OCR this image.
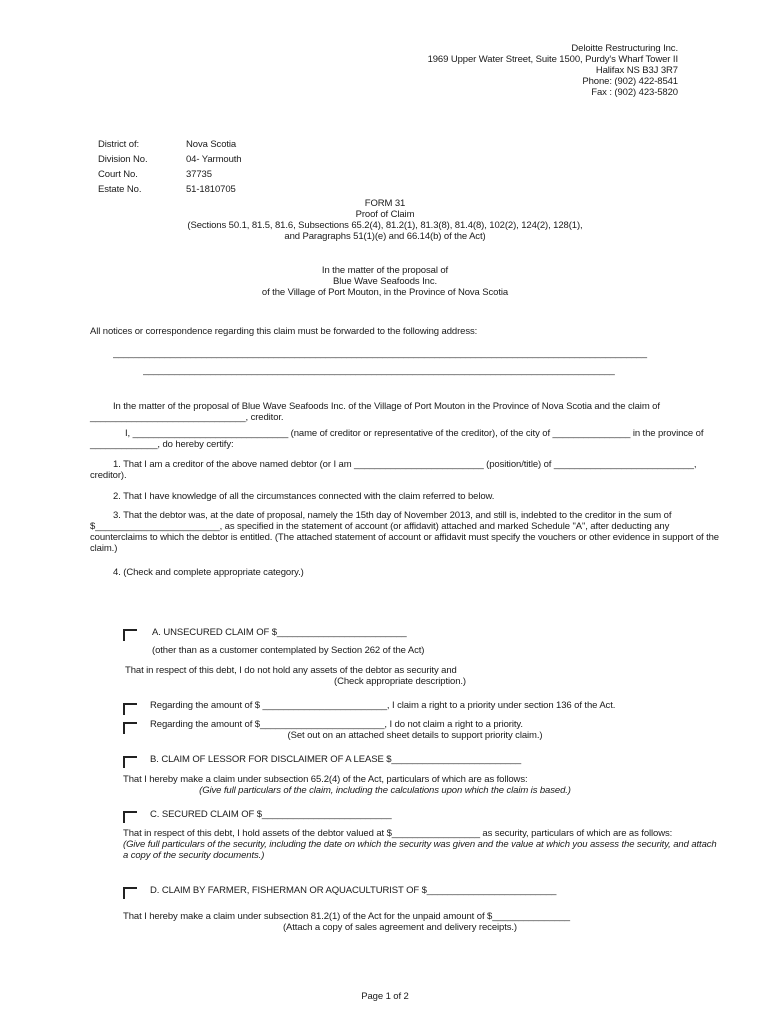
Deloitte Restructuring Inc.
1969 Upper Water Street, Suite 1500, Purdy's Wharf Tower II
Halifax NS B3J 3R7
Phone: (902) 422-8541
Fax : (902) 423-5820
District of:	Nova Scotia
Division No.	04- Yarmouth
Court No.	37735
Estate No.	51-1810705
FORM 31
Proof of Claim
(Sections 50.1, 81.5, 81.6, Subsections 65.2(4), 81.2(1), 81.3(8), 81.4(8), 102(2), 124(2), 128(1),
and Paragraphs 51(1)(e) and 66.14(b) of the Act)
In the matter of the proposal of
Blue Wave Seafoods Inc.
of the Village of Port Mouton, in the Province of Nova Scotia
All notices or correspondence regarding this claim must be forwarded to the following address:
_______________________________________________________________________________________________________
___________________________________________________________________________________________
In the matter of the proposal of Blue Wave Seafoods Inc. of the Village of Port Mouton in the Province of Nova Scotia and the claim of
______________________________, creditor.
I, ______________________________ (name of creditor or representative of the creditor), of the city of _______________ in the province of
_____________, do hereby certify:
1. That I am a creditor of the above named debtor (or I am _________________________ (position/title) of ___________________________,
creditor).
2. That I have knowledge of all the circumstances connected with the claim referred to below.
3. That the debtor was, at the date of proposal, namely the 15th day of November 2013, and still is, indebted to the creditor in the sum of
$________________________, as specified in the statement of account (or affidavit) attached and marked Schedule "A", after deducting any
counterclaims to which the debtor is entitled. (The attached statement of account or affidavit must specify the vouchers or other evidence in support of the
claim.)
4. (Check and complete appropriate category.)
A. UNSECURED CLAIM OF $_________________________
(other than as a customer contemplated by Section 262 of the Act)
That in respect of this debt, I do not hold any assets of the debtor as security and
(Check appropriate description.)
Regarding the amount of $ ________________________, I claim a right to a priority under section 136 of the Act.
Regarding the amount of $________________________, I do not claim a right to a priority.
(Set out on an attached sheet details to support priority claim.)
B. CLAIM OF LESSOR FOR DISCLAIMER OF A LEASE $_________________________
That I hereby make a claim under subsection 65.2(4) of the Act, particulars of which are as follows:
(Give full particulars of the claim, including the calculations upon which the claim is based.)
C. SECURED CLAIM OF $_________________________
That in respect of this debt, I hold assets of the debtor valued at $_________________ as security, particulars of which are as follows:
(Give full particulars of the security, including the date on which the security was given and the value at which you assess the security, and attach
a copy of the security documents.)
D. CLAIM BY FARMER, FISHERMAN OR AQUACULTURIST OF $_________________________
That I hereby make a claim under subsection 81.2(1) of the Act for the unpaid amount of $_______________
(Attach a copy of sales agreement and delivery receipts.)
Page 1 of 2
